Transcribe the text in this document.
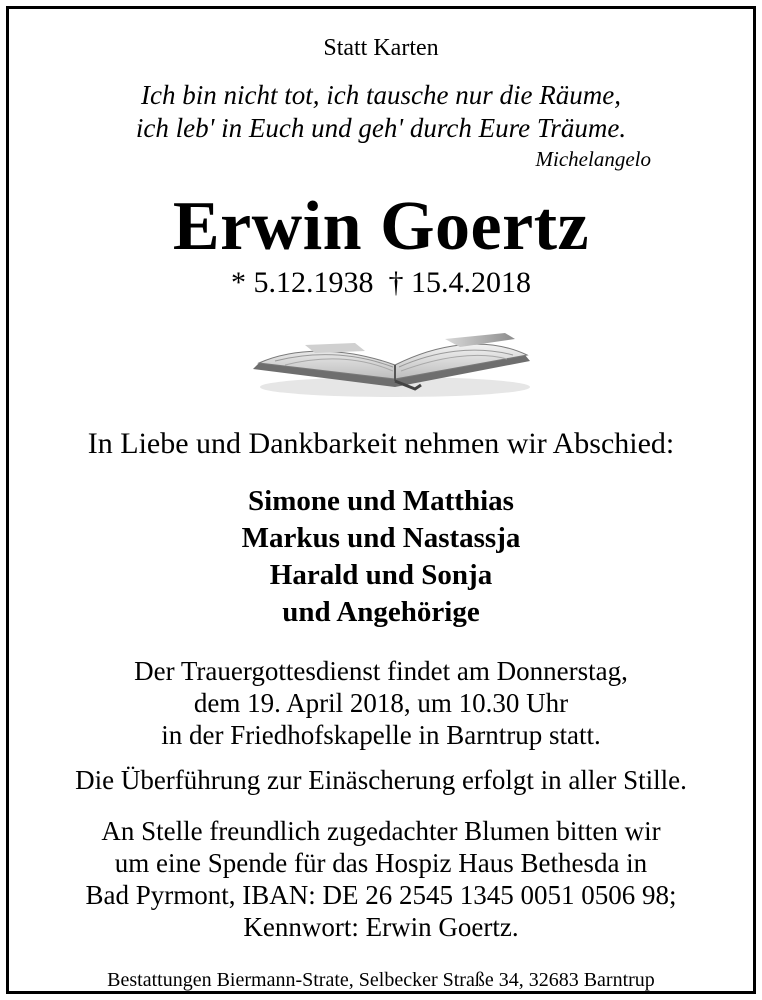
Statt Karten
Ich bin nicht tot, ich tausche nur die Räume,
ich leb' in Euch und geh' durch Eure Träume.
Michelangelo
Erwin Goertz
* 5.12.1938  † 15.4.2018
In Liebe und Dankbarkeit nehmen wir Abschied:
Simone und Matthias
Markus und Nastassja
Harald und Sonja
und Angehörige
Der Trauergottesdienst findet am Donnerstag,
dem 19. April 2018, um 10.30 Uhr
in der Friedhofskapelle in Barntrup statt.
Die Überführung zur Einäscherung erfolgt in aller Stille.
An Stelle freundlich zugedachter Blumen bitten wir
um eine Spende für das Hospiz Haus Bethesda in
Bad Pyrmont, IBAN: DE 26 2545 1345 0051 0506 98;
Kennwort: Erwin Goertz.
Bestattungen Biermann-Strate, Selbecker Straße 34, 32683 Barntrup
